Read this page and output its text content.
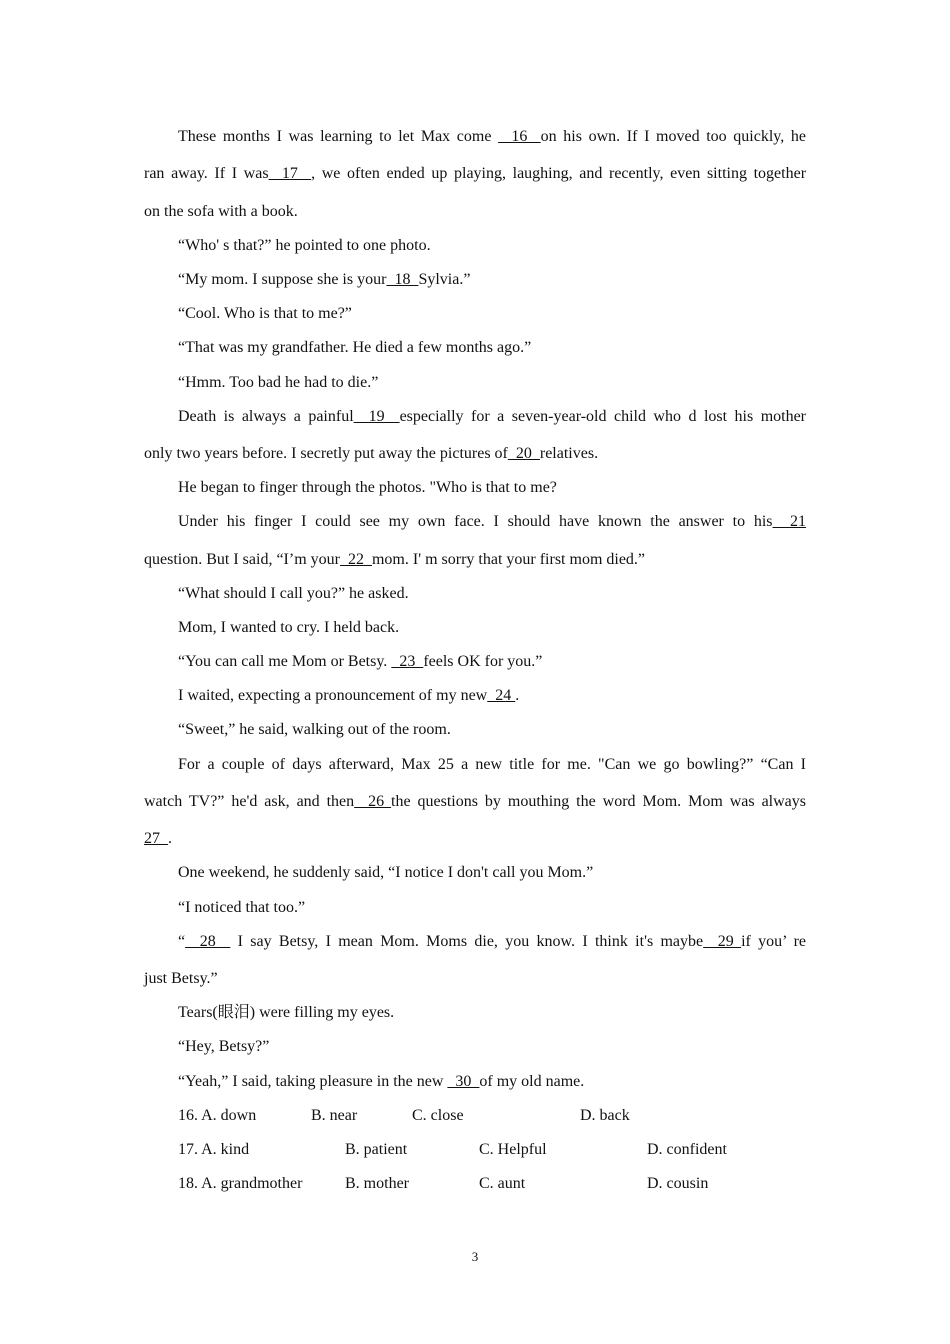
These months I was learning to let Max come   16  on his own. If I moved too quickly, he
ran away. If I was  17  , we often ended up playing, laughing, and recently, even sitting together
on the sofa with a book.
“Who' s that?” he pointed to one photo.
“My mom. I suppose she is your  18  Sylvia.”
“Cool. Who is that to me?”
“That was my grandfather. He died a few months ago.”
“Hmm. Too bad he had to die.”
Death is always a painful  19  especially for a seven-year-old child who d lost his mother
only two years before. I secretly put away the pictures of  20  relatives.
He began to finger through the photos. "Who is that to me?
Under his finger I could see my own face. I should have known the answer to his  21
question. But I said, “I’m your  22  mom. I' m sorry that your first mom died.”
“What should I call you?” he asked.
Mom, I wanted to cry. I held back.
“You can call me Mom or Betsy.   23  feels OK for you.”
I waited, expecting a pronouncement of my new  24 .
“Sweet,” he said, walking out of the room.
For a couple of days afterward, Max 25 a new title for me. "Can we go bowling?” “Can I
watch TV?” he'd ask, and then  26 the questions by mouthing the word Mom. Mom was always
27  .
One weekend, he suddenly said, “I notice I don't call you Mom.”
“I noticed that too.”
“  28   I say Betsy, I mean Mom. Moms die, you know. I think it's maybe  29 if you’ re
just Betsy.”
Tears(眼泪) were filling my eyes.
“Hey, Betsy?”
“Yeah,” I said, taking pleasure in the new   30  of my old name.
16. A. down	B. near	C. close	D. back
17. A. kind	B. patient	C. Helpful	D. confident
18. A. grandmother	B. mother	C. aunt	D. cousin
3
